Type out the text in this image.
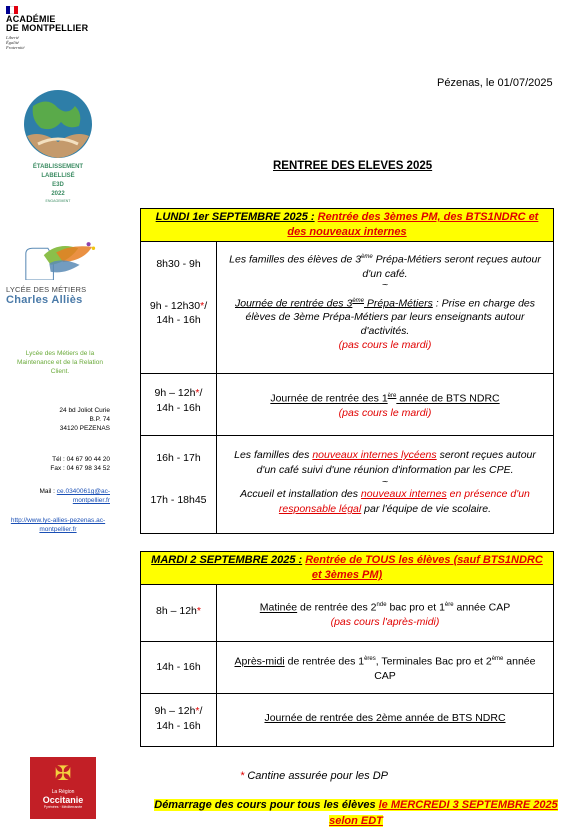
ACADÉMIE
DE MONTPELLIER
Liberté
Égalité
Fraternité
Pézenas, le 01/07/2025
ÉTABLISSEMENT
LABELLISÉ
E3D
2022
ENGAGEMENT
LYCÉE DES MÉTIERS
Charles Alliès
Lycée des Métiers de la Maintenance et de la Relation Client.
24 bd Joliot Curie
B.P. 74
34120 PEZENAS
Tél : 04 67 90 44 20
Fax : 04 67 98 34 52
Mail : ce.0340061g@ac-montpellier.fr
http://www.lyc-allies-pezenas.ac-montpellier.fr
✠
La Région
Occitanie
Pyrénées · Méditerranée
RENTREE DES ELEVES 2025
LUNDI 1er SEPTEMBRE 2025 : Rentrée des 3èmes PM, des BTS1NDRC et des nouveaux internes
8h30 - 9h
9h - 12h30*/
14h - 16h
Les familles des élèves de 3ème Prépa-Métiers seront reçues autour d'un café.
~
Journée de rentrée des 3ème Prépa-Métiers : Prise en charge des élèves de 3ème Prépa-Métiers par leurs enseignants autour d'activités.
(pas cours le mardi)
9h – 12h*/
14h - 16h
Journée de rentrée des 1ère année de BTS NDRC
(pas cours le mardi)
16h - 17h
17h - 18h45
Les familles des nouveaux internes lycéens seront reçues autour d'un café suivi d'une réunion d'information par les CPE.
~
Accueil et installation des nouveaux internes en présence d'un responsable légal par l'équipe de vie scolaire.
MARDI 2 SEPTEMBRE 2025 : Rentrée de TOUS les élèves (sauf BTS1NDRC et 3èmes PM)
8h – 12h*	Matinée de rentrée des 2nde bac pro et 1ère année CAP
(pas cours l'après-midi)
14h - 16h	Après-midi de rentrée des 1ères, Terminales Bac pro et 2ème année CAP
9h – 12h*/
14h - 16h
Journée de rentrée des 2ème année de BTS NDRC
* Cantine assurée pour les DP
Démarrage des cours pour tous les élèves le MERCREDI 3 SEPTEMBRE 2025
selon EDT
